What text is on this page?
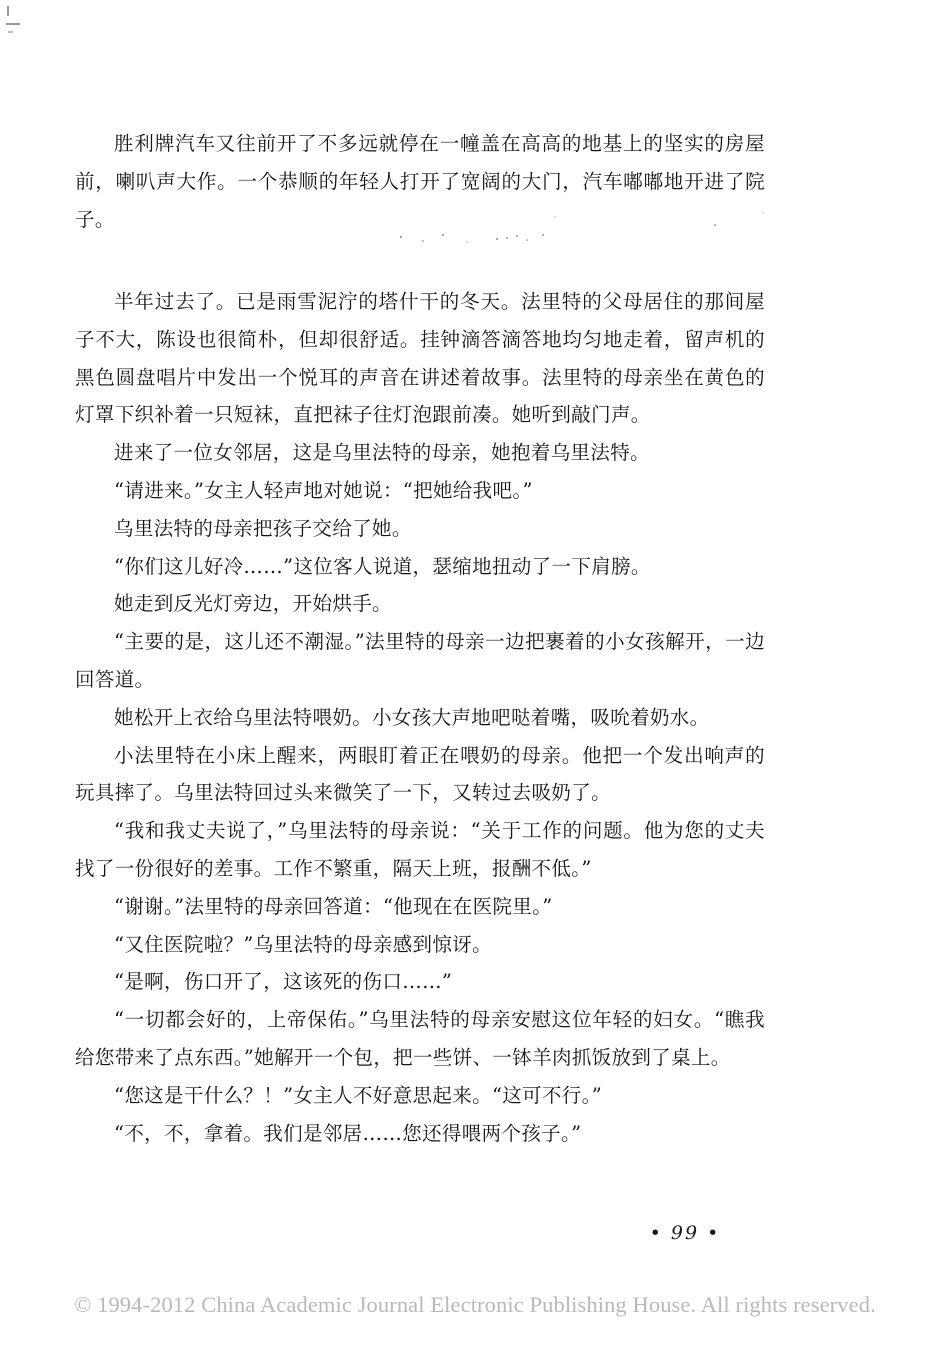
胜利牌汽车又往前开了不多远就停在一幢盖在高高的地基上的坚实的房屋前，喇叭声大作。一个恭顺的年轻人打开了宽阔的大门，汽车嘟嘟地开进了院子。

半年过去了。已是雨雪泥泞的塔什干的冬天。法里特的父母居住的那间屋子不大，陈设也很简朴，但却很舒适。挂钟滴答滴答地均匀地走着，留声机的黑色圆盘唱片中发出一个悦耳的声音在讲述着故事。法里特的母亲坐在黄色的灯罩下织补着一只短袜，直把袜子往灯泡跟前凑。她听到敲门声。

进来了一位女邻居，这是乌里法特的母亲，她抱着乌里法特。

“请进来。”女主人轻声地对她说：“把她给我吧。”

乌里法特的母亲把孩子交给了她。

“你们这儿好冷……”这位客人说道，瑟缩地扭动了一下肩膀。

她走到反光灯旁边，开始烘手。

“主要的是，这儿还不潮湿。”法里特的母亲一边把裹着的小女孩解开，一边回答道。

她松开上衣给乌里法特喂奶。小女孩大声地吧哒着嘴，吸吮着奶水。

小法里特在小床上醒来，两眼盯着正在喂奶的母亲。他把一个发出响声的玩具摔了。乌里法特回过头来微笑了一下，又转过去吸奶了。

“我和我丈夫说了，”乌里法特的母亲说：“关于工作的问题。他为您的丈夫找了一份很好的差事。工作不繁重，隔天上班，报酬不低。”

“谢谢。”法里特的母亲回答道：“他现在在医院里。”

“又住医院啦？”乌里法特的母亲感到惊讶。

“是啊，伤口开了，这该死的伤口……”

“一切都会好的，上帝保佑。”乌里法特的母亲安慰这位年轻的妇女。“瞧我给您带来了点东西。”她解开一个包，把一些饼、一钵羊肉抓饭放到了桌上。

“您这是干什么？！”女主人不好意思起来。“这可不行。”

“不，不，拿着。我们是邻居……您还得喂两个孩子。”

• 99 •
© 1994-2012 China Academic Journal Electronic Publishing House. All rights reserved.
